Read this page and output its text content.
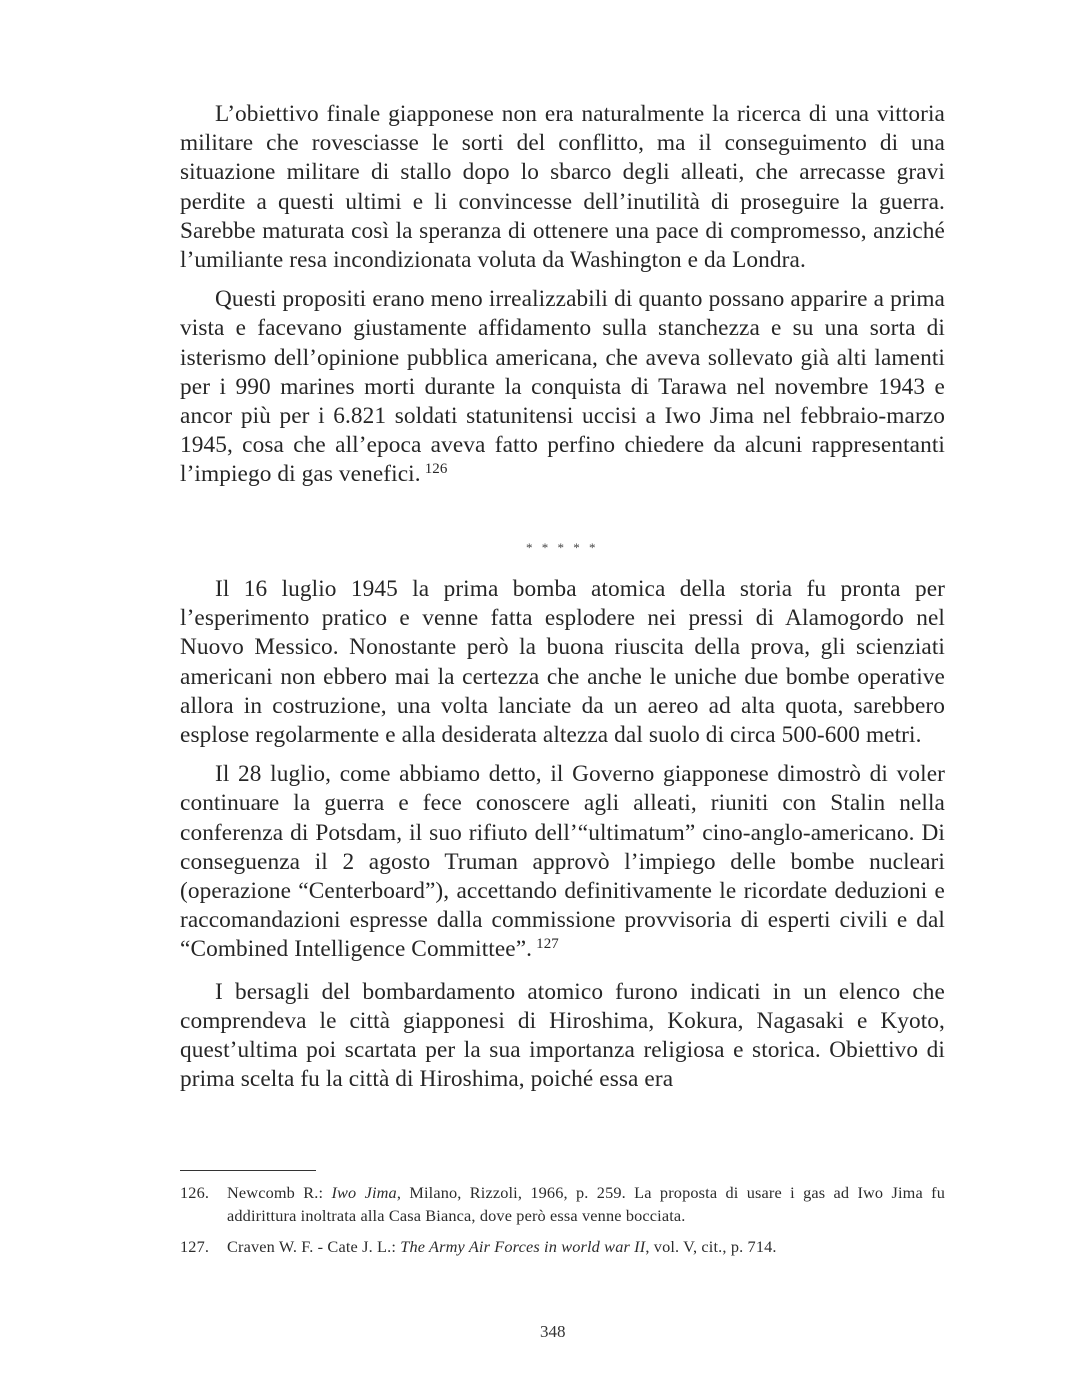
L’obiettivo finale giapponese non era naturalmente la ricerca di una vittoria militare che rovesciasse le sorti del conflitto, ma il conseguimento di una situazione militare di stallo dopo lo sbarco degli alleati, che arrecasse gravi perdite a questi ultimi e li convincesse dell’inutilità di proseguire la guerra. Sarebbe maturata così la speranza di ottenere una pace di compromesso, anziché l’umiliante resa incondizionata voluta da Washington e da Londra.

Questi propositi erano meno irrealizzabili di quanto possano apparire a prima vista e facevano giustamente affidamento sulla stanchezza e su una sorta di isterismo dell’opinione pubblica americana, che aveva sollevato già alti lamenti per i 990 marines morti durante la conquista di Tarawa nel novembre 1943 e ancor più per i 6.821 soldati statunitensi uccisi a Iwo Jima nel febbraio-marzo 1945, cosa che all’epoca aveva fatto perfino chiedere da alcuni rappresentanti l’impiego di gas venefici. $^{126}$

* * * * *

Il 16 luglio 1945 la prima bomba atomica della storia fu pronta per l’esperimento pratico e venne fatta esplodere nei pressi di Alamogordo nel Nuovo Messico. Nonostante però la buona riuscita della prova, gli scienziati americani non ebbero mai la certezza che anche le uniche due bombe operative allora in costruzione, una volta lanciate da un aereo ad alta quota, sarebbero esplose regolarmente e alla desiderata altezza dal suolo di circa 500-600 metri.

Il 28 luglio, come abbiamo detto, il Governo giapponese dimostrò di voler continuare la guerra e fece conoscere agli alleati, riuniti con Stalin nella conferenza di Potsdam, il suo rifiuto dell’“ultimatum” cino-anglo-americano. Di conseguenza il 2 agosto Truman approvò l’impiego delle bombe nucleari (operazione “Centerboard”), accettando definitivamente le ricordate deduzioni e raccomandazioni espresse dalla commissione provvisoria di esperti civili e dal “Combined Intelligence Committee”. $^{127}$

I bersagli del bombardamento atomico furono indicati in un elenco che comprendeva le città giapponesi di Hiroshima, Kokura, Nagasaki e Kyoto, quest’ultima poi scartata per la sua importanza religiosa e storica. Obiettivo di prima scelta fu la città di Hiroshima, poiché essa era

126. Newcomb R.: Iwo Jima, Milano, Rizzoli, 1966, p. 259. La proposta di usare i gas ad Iwo Jima fu addirittura inoltrata alla Casa Bianca, dove però essa venne bocciata.

127. Craven W. F. - Cate J. L.: The Army Air Forces in world war II, vol. V, cit., p. 714.

348
